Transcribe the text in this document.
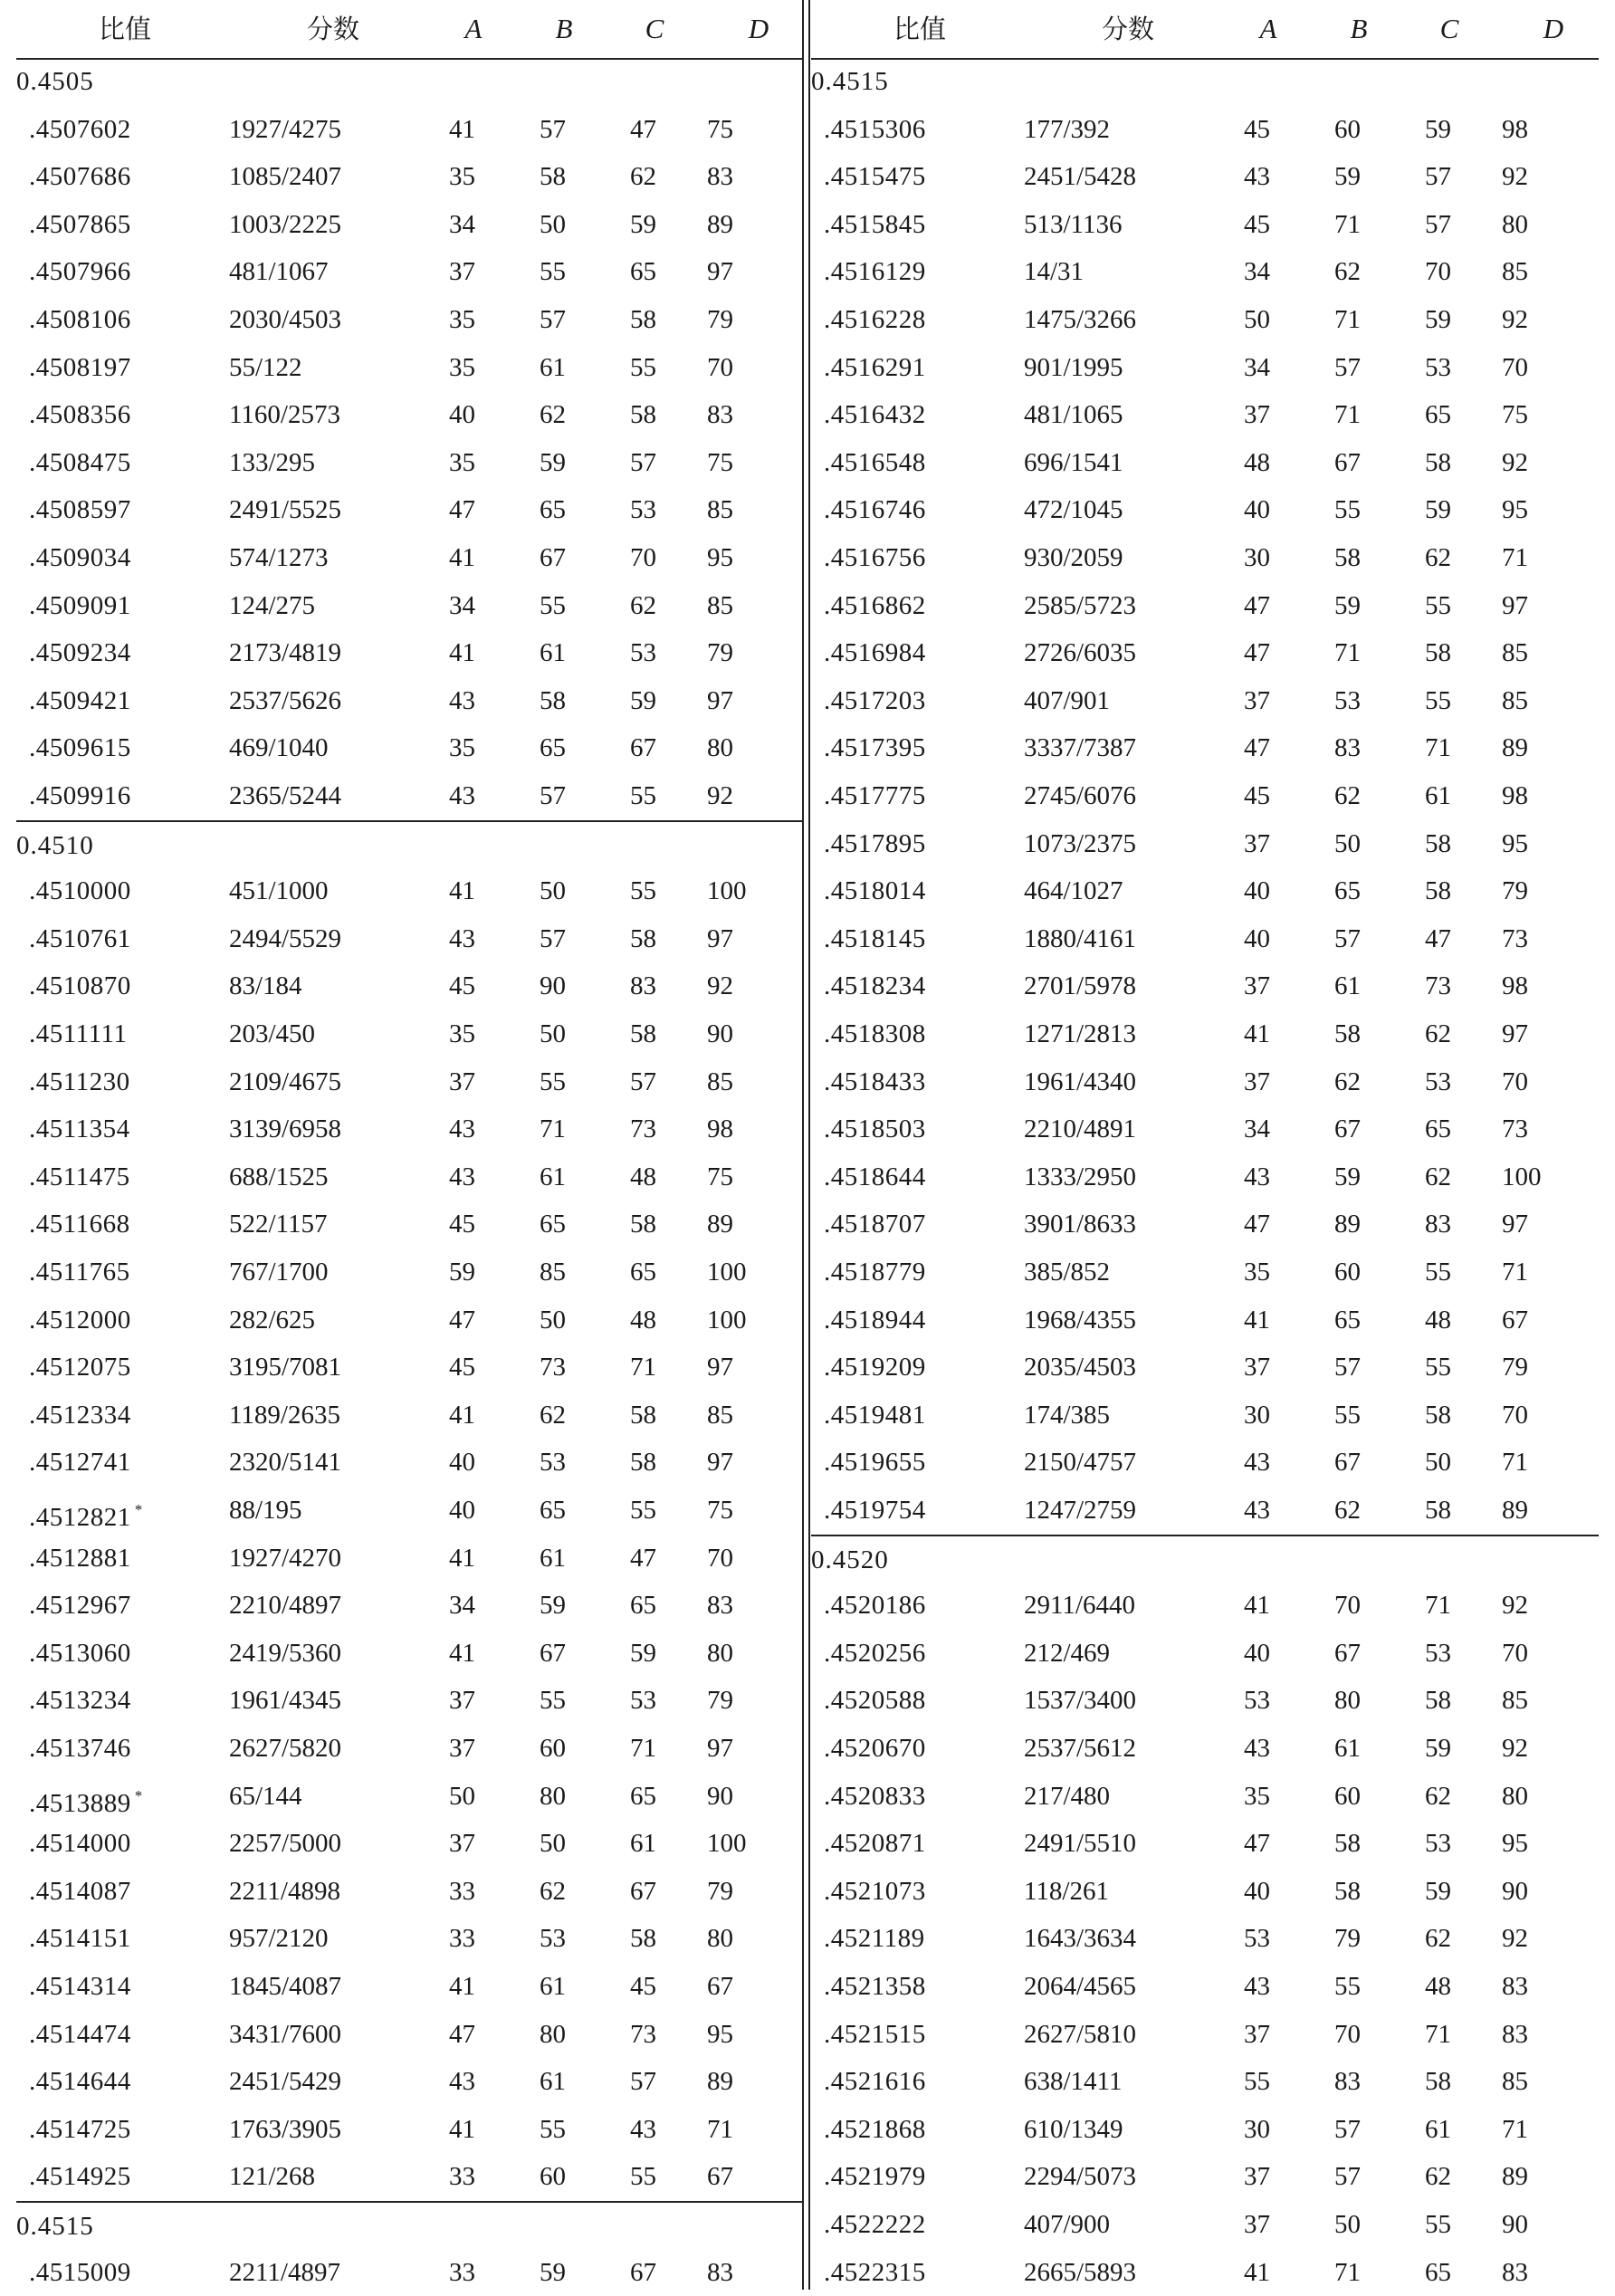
比值	分数	A	B	C	D
0.4505
.4507602	1927/4275	41	57	47	75
.4507686	1085/2407	35	58	62	83
.4507865	1003/2225	34	50	59	89
.4507966	481/1067	37	55	65	97
.4508106	2030/4503	35	57	58	79
.4508197	55/122	35	61	55	70
.4508356	1160/2573	40	62	58	83
.4508475	133/295	35	59	57	75
.4508597	2491/5525	47	65	53	85
.4509034	574/1273	41	67	70	95
.4509091	124/275	34	55	62	85
.4509234	2173/4819	41	61	53	79
.4509421	2537/5626	43	58	59	97
.4509615	469/1040	35	65	67	80
.4509916	2365/5244	43	57	55	92
0.4510
.4510000	451/1000	41	50	55	100
.4510761	2494/5529	43	57	58	97
.4510870	83/184	45	90	83	92
.4511111	203/450	35	50	58	90
.4511230	2109/4675	37	55	57	85
.4511354	3139/6958	43	71	73	98
.4511475	688/1525	43	61	48	75
.4511668	522/1157	45	65	58	89
.4511765	767/1700	59	85	65	100
.4512000	282/625	47	50	48	100
.4512075	3195/7081	45	73	71	97
.4512334	1189/2635	41	62	58	85
.4512741	2320/5141	40	53	58	97
.4512821 *	88/195	40	65	55	75
.4512881	1927/4270	41	61	47	70
.4512967	2210/4897	34	59	65	83
.4513060	2419/5360	41	67	59	80
.4513234	1961/4345	37	55	53	79
.4513746	2627/5820	37	60	71	97
.4513889 *	65/144	50	80	65	90
.4514000	2257/5000	37	50	61	100
.4514087	2211/4898	33	62	67	79
.4514151	957/2120	33	53	58	80
.4514314	1845/4087	41	61	45	67
.4514474	3431/7600	47	80	73	95
.4514644	2451/5429	43	61	57	89
.4514725	1763/3905	41	55	43	71
.4514925	121/268	33	60	55	67
0.4515
.4515009	2211/4897	33	59	67	83
比值	分数	A	B	C	D
0.4515
.4515306	177/392	45	60	59	98
.4515475	2451/5428	43	59	57	92
.4515845	513/1136	45	71	57	80
.4516129	14/31	34	62	70	85
.4516228	1475/3266	50	71	59	92
.4516291	901/1995	34	57	53	70
.4516432	481/1065	37	71	65	75
.4516548	696/1541	48	67	58	92
.4516746	472/1045	40	55	59	95
.4516756	930/2059	30	58	62	71
.4516862	2585/5723	47	59	55	97
.4516984	2726/6035	47	71	58	85
.4517203	407/901	37	53	55	85
.4517395	3337/7387	47	83	71	89
.4517775	2745/6076	45	62	61	98
.4517895	1073/2375	37	50	58	95
.4518014	464/1027	40	65	58	79
.4518145	1880/4161	40	57	47	73
.4518234	2701/5978	37	61	73	98
.4518308	1271/2813	41	58	62	97
.4518433	1961/4340	37	62	53	70
.4518503	2210/4891	34	67	65	73
.4518644	1333/2950	43	59	62	100
.4518707	3901/8633	47	89	83	97
.4518779	385/852	35	60	55	71
.4518944	1968/4355	41	65	48	67
.4519209	2035/4503	37	57	55	79
.4519481	174/385	30	55	58	70
.4519655	2150/4757	43	67	50	71
.4519754	1247/2759	43	62	58	89
0.4520
.4520186	2911/6440	41	70	71	92
.4520256	212/469	40	67	53	70
.4520588	1537/3400	53	80	58	85
.4520670	2537/5612	43	61	59	92
.4520833	217/480	35	60	62	80
.4520871	2491/5510	47	58	53	95
.4521073	118/261	40	58	59	90
.4521189	1643/3634	53	79	62	92
.4521358	2064/4565	43	55	48	83
.4521515	2627/5810	37	70	71	83
.4521616	638/1411	55	83	58	85
.4521868	610/1349	30	57	61	71
.4521979	2294/5073	37	57	62	89
.4522222	407/900	37	50	55	90
.4522315	2665/5893	41	71	65	83
